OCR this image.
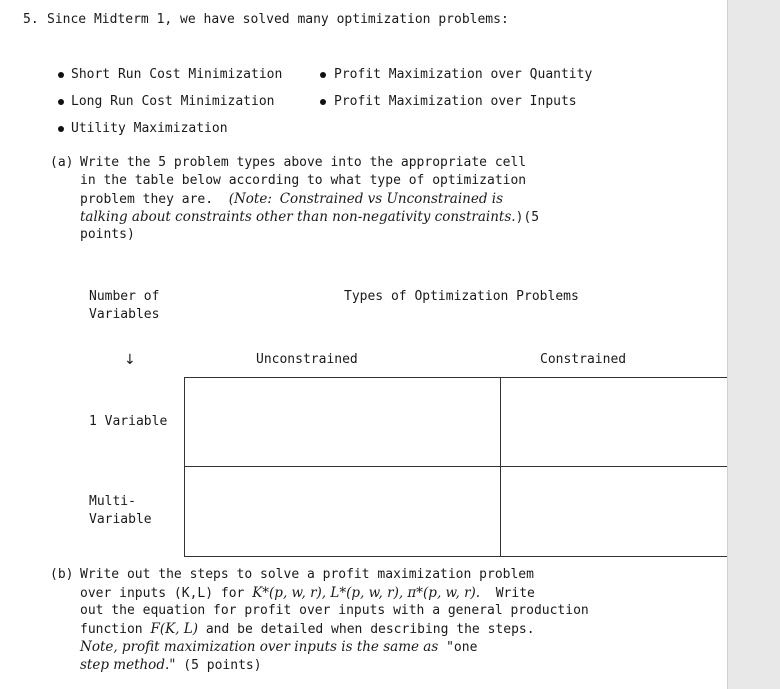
5. Since Midterm 1, we have solved many optimization problems:
Short Run Cost Minimization
Long Run Cost Minimization
Utility Maximization
Profit Maximization over Quantity
Profit Maximization over Inputs
(a) Write the 5 problem types above into the appropriate cell
in the table below according to what type of optimization
problem they are. (Note: Constrained vs Unconstrained is
talking about constraints other than non-negativity constraints.)(5
points)
Number of
Variables
Types of Optimization Problems
↓	Unconstrained	Constrained
1 Variable
Multi-
Variable
(b) Write out the steps to solve a profit maximization problem
over inputs (K,L) for K*(p, w, r), L*(p, w, r), π*(p, w, r). Write
out the equation for profit over inputs with a general production
function F(K, L) and be detailed when describing the steps.
Note, profit maximization over inputs is the same as "one
step method." (5 points)
